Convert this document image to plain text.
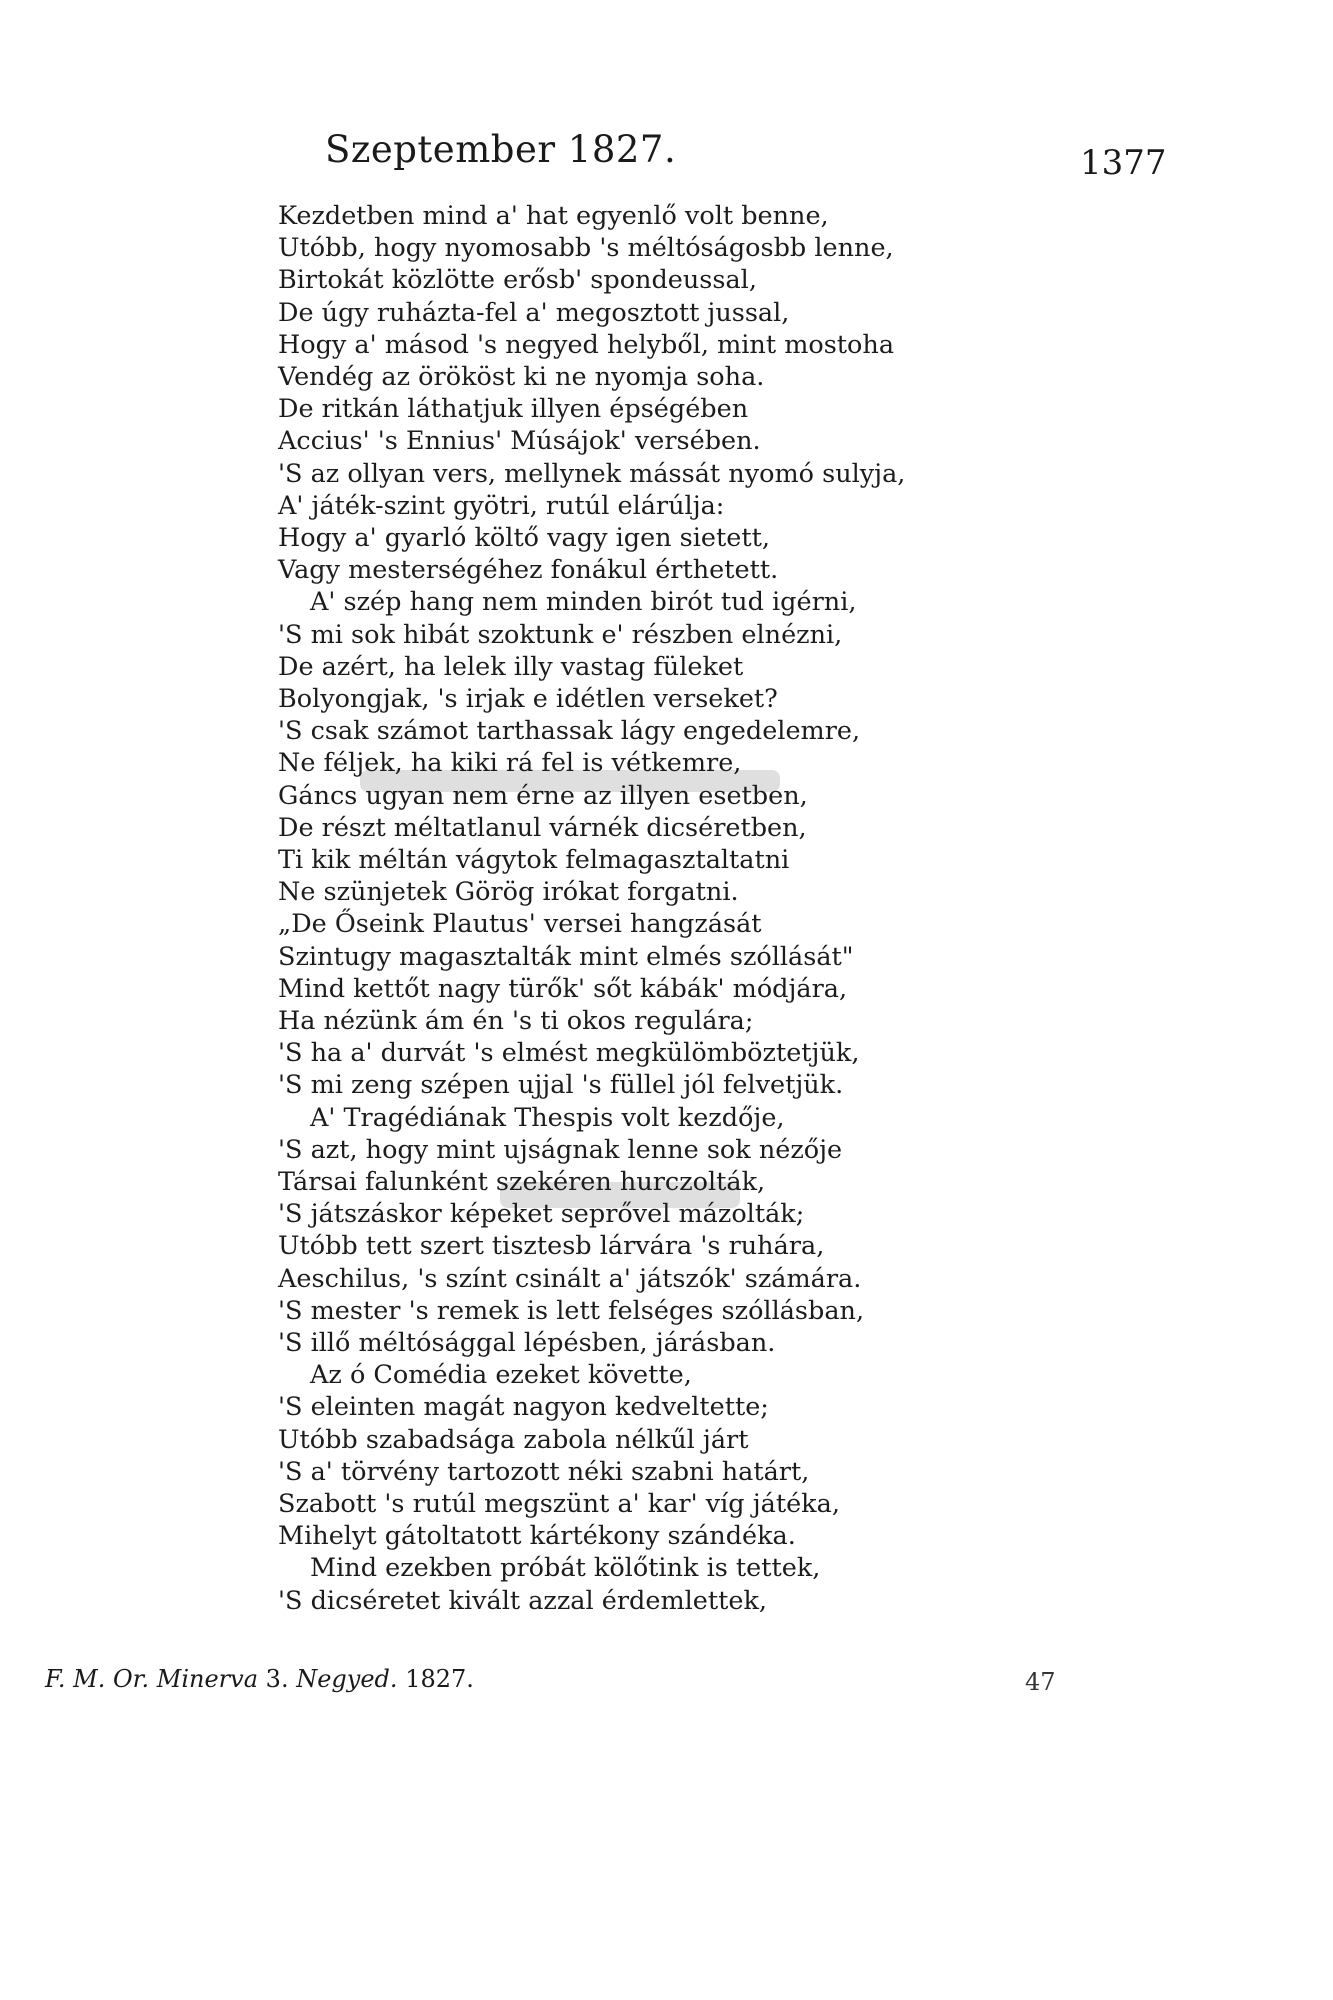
Szeptember 1827.	1377
Kezdetben mind a' hat egyenlő volt benne,
Utóbb, hogy nyomosabb 's méltóságosbb lenne,
Birtokát közlötte erősb' spondeussal,
De úgy ruházta-fel a' megosztott jussal,
Hogy a' másod 's negyed helyből, mint mostoha
Vendég az örököst ki ne nyomja soha.
De ritkán láthatjuk illyen épségében
Accius' 's Ennius' Músájok' versében.
'S az ollyan vers, mellynek mássát nyomó sulyja,
A' játék-szint gyötri, rutúl elárúlja:
Hogy a' gyarló költő vagy igen sietett,
Vagy mesterségéhez fonákul érthetett.
A' szép hang nem minden birót tud igérni,
'S mi sok hibát szoktunk e' részben elnézni,
De azért, ha lelek illy vastag füleket
Bolyongjak, 's irjak e idétlen verseket?
'S csak számot tarthassak lágy engedelemre,
Ne féljek, ha kiki rá fel is vétkemre,
Gáncs ugyan nem érne az illyen esetben,
De részt méltatlanul várnék dicséretben,
Ti kik méltán vágytok felmagasztaltatni
Ne szünjetek Görög irókat forgatni.
„De Őseink Plautus' versei hangzását
Szintugy magasztalták mint elmés szóllását"
Mind kettőt nagy türők' sőt kábák' módjára,
Ha nézünk ám én 's ti okos regulára;
'S ha a' durvát 's elmést megkülömböztetjük,
'S mi zeng szépen ujjal 's füllel jól felvetjük.
A' Tragédiának Thespis volt kezdője,
'S azt, hogy mint ujságnak lenne sok nézője
Társai falunként szekéren hurczolták,
'S játszáskor képeket seprővel mázolták;
Utóbb tett szert tisztesb lárvára 's ruhára,
Aeschilus, 's színt csinált a' játszók' számára.
'S mester 's remek is lett felséges szóllásban,
'S illő méltósággal lépésben, járásban.
Az ó Comédia ezeket követte,
'S eleinten magát nagyon kedveltette;
Utóbb szabadsága zabola nélkűl járt
'S a' törvény tartozott néki szabni határt,
Szabott 's rutúl megszünt a' kar' víg játéka,
Mihelyt gátoltatott kártékony szándéka.
Mind ezekben próbát kölőtink is tettek,
'S dicséretet kivált azzal érdemlettek,
F. M. Or. Minerva 3. Negyed. 1827.	47
